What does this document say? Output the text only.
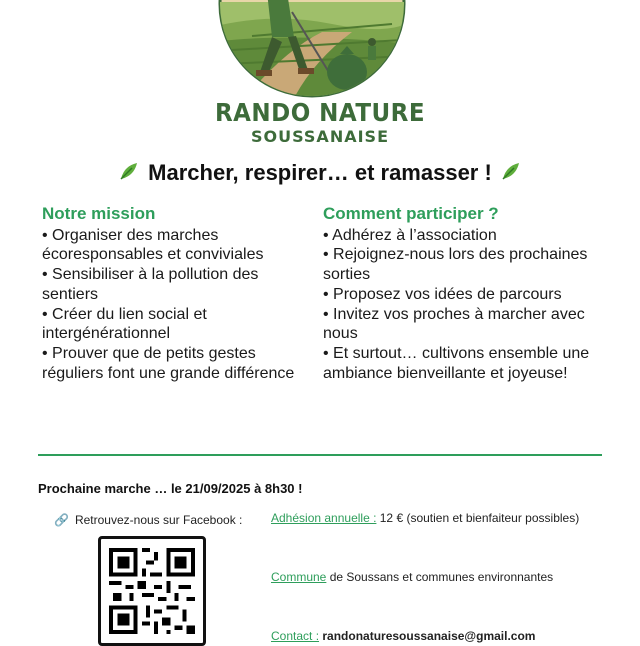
RANDO NATURE
SOUSSANAISE
Marcher, respirer… et ramasser !
Notre mission
• Organiser des marches écoresponsables et conviviales
• Sensibiliser à la pollution des sentiers
• Créer du lien social et intergénérationnel
• Prouver que de petits gestes réguliers font une grande différence
Comment participer ?
• Adhérez à l’association
• Rejoignez-nous lors des prochaines sorties
• Proposez vos idées de parcours
• Invitez vos proches à marcher avec nous
• Et surtout… cultivons ensemble une ambiance bienveillante et joyeuse!
Prochaine marche … le 21/09/2025 à 8h30 !
🔗 Retrouvez-nous sur Facebook : Adhésion annuelle : 12 € (soutien et bienfaiteur possibles)
Commune de Soussans et communes environnantes
Contact : randonaturesoussanaise@gmail.com
